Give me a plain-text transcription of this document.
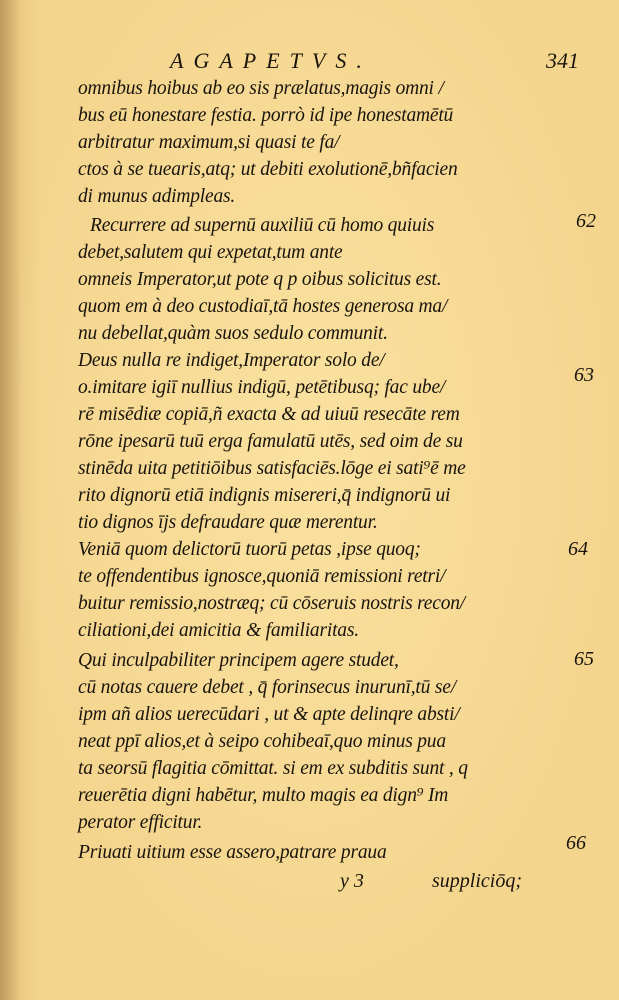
AGAPETVS.	341
omnibus hoibus ab eo sis prælatus,magis omni /
bus eū honestare festia. porrò id ipe honestamētū
arbitratur maximum,si quasi te fa/
ctos à se tuearis,atq; ut debiti exolutionē,bñfacien
di munus adimpleas.
Recurrere ad supernū auxiliū cū homo quiuis
debet,salutem qui expetat,tum ante
omneis Imperator,ut pote q p oibus solicitus est.
quom em à deo custodiaī,tā hostes generosa ma/
nu debellat,quàm suos sedulo communit.
Deus nulla re indiget,Imperator solo de/
o.imitare igiī nullius indigū, petētibusq; fac ube/
rē misēdiæ copiā,ñ exacta & ad uiuū resecāte rem
rōne ipesarū tuū erga famulatū utēs, sed oim de su
stinēda uita petitiōibus satisfaciēs.lōge ei sati⁹ē me
rito dignorū etiā indignis misereri,q̄ indignorū ui
tio dignos ījs defraudare quæ merentur.
Veniā quom delictorū tuorū petas ,ipse quoq;
te offendentibus ignosce,quoniā remissioni retri/
buitur remissio,nostræq; cū cōseruis nostris recon/
ciliationi,dei amicitia & familiaritas.
Qui inculpabiliter principem agere studet,
cū notas cauere debet , q̄ forinsecus inurunī,tū se/
ipm añ alios uerecūdari , ut & apte delinqre absti/
neat ppī alios,et à seipo cohibeaī,quo minus pua
ta seorsū flagitia cōmittat. si em ex subditis sunt , q
reuerētia digni habētur, multo magis ea dign⁹ Im
perator efficitur.
Priuati uitium esse assero,patrare praua
62
63
64
65
66
y 3	suppliciōq;
